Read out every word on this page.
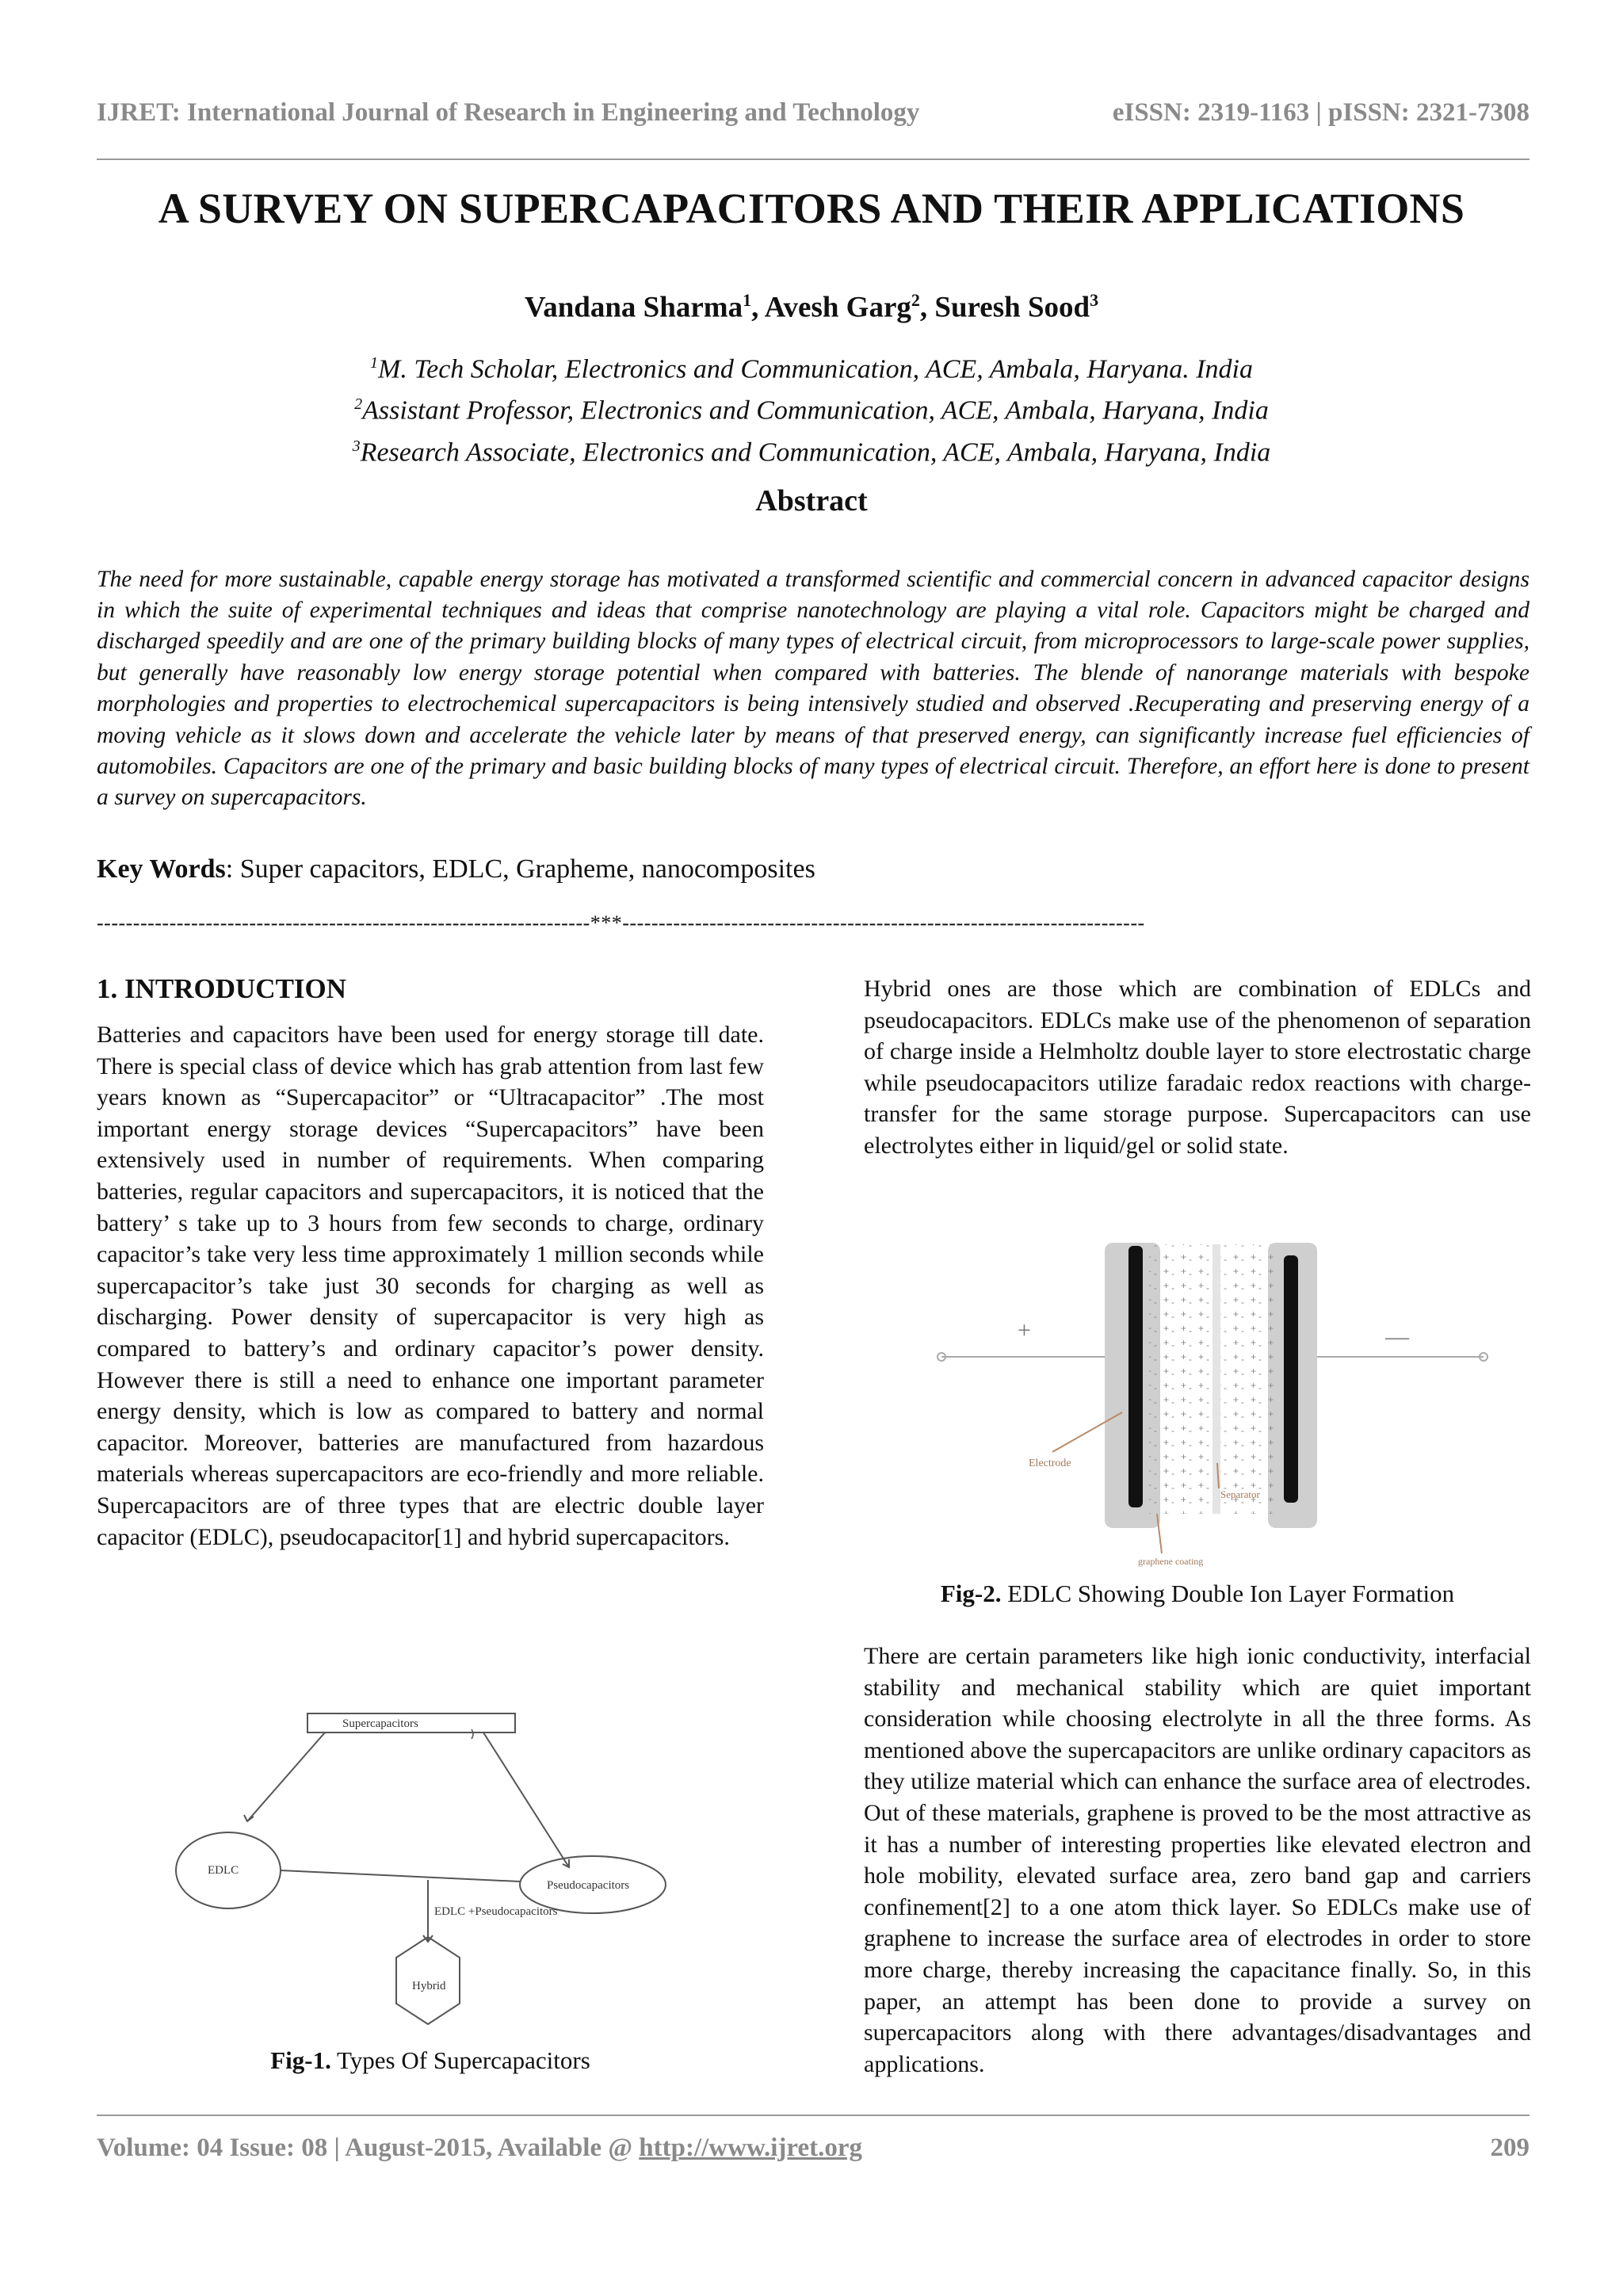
IJRET: International Journal of Research in Engineering and Technology	eISSN: 2319-1163 | pISSN: 2321-7308
A SURVEY ON SUPERCAPACITORS AND THEIR APPLICATIONS
Vandana Sharma$^1$, Avesh Garg$^2$, Suresh Sood$^3$
$^1$M. Tech Scholar, Electronics and Communication, ACE, Ambala, Haryana. India
$^2$Assistant Professor, Electronics and Communication, ACE, Ambala, Haryana, India
$^3$Research Associate, Electronics and Communication, ACE, Ambala, Haryana, India
Abstract

The need for more sustainable, capable energy storage has motivated a transformed scientific and commercial concern in advanced capacitor designs in which the suite of experimental techniques and ideas that comprise nanotechnology are playing a vital role. Capacitors might be charged and discharged speedily and are one of the primary building blocks of many types of electrical circuit, from microprocessors to large-scale power supplies, but generally have reasonably low energy storage potential when compared with batteries. The blende of nanorange materials with bespoke morphologies and properties to electrochemical supercapacitors is being intensively studied and observed .Recuperating and preserving energy of a moving vehicle as it slows down and accelerate the vehicle later by means of that preserved energy, can significantly increase fuel efficiencies of automobiles. Capacitors are one of the primary and basic building blocks of many types of electrical circuit. Therefore, an effort here is done to present a survey on supercapacitors.

Key Words: Super capacitors, EDLC, Grapheme, nanocomposites
--------------------------------------------------------------------***------------------------------------------------------------------------
1. INTRODUCTION

Batteries and capacitors have been used for energy storage till date. There is special class of device which has grab attention from last few years known as “Supercapacitor” or “Ultracapacitor” .The most important energy storage devices “Supercapacitors” have been extensively used in number of requirements. When comparing batteries, regular capacitors and supercapacitors, it is noticed that the battery’ s take up to 3 hours from few seconds to charge, ordinary capacitor’s take very less time approximately 1 million seconds while supercapacitor’s take just 30 seconds for charging as well as discharging. Power density of supercapacitor is very high as compared to battery’s and ordinary capacitor’s power density. However there is still a need to enhance one important parameter energy density, which is low as compared to battery and normal capacitor. Moreover, batteries are manufactured from hazardous materials whereas supercapacitors are eco-friendly and more reliable. Supercapacitors are of three types that are electric double layer capacitor (EDLC), pseudocapacitor[1] and hybrid supercapacitors.

Hybrid ones are those which are combination of EDLCs and pseudocapacitors. EDLCs make use of the phenomenon of separation of charge inside a Helmholtz double layer to store electrostatic charge while pseudocapacitors utilize faradaic redox reactions with charge-transfer for the same storage purpose. Supercapacitors can use electrolytes either in liquid/gel or solid state.

Supercapacitors
EDLC
Pseudocapacitors
EDLC +Pseudocapacitors
Hybrid
Fig-1. Types Of Supercapacitors
+	—
Electrode
Separator
graphene coating
Fig-2. EDLC Showing Double Ion Layer Formation

There are certain parameters like high ionic conductivity, interfacial stability and mechanical stability which are quiet important consideration while choosing electrolyte in all the three forms. As mentioned above the supercapacitors are unlike ordinary capacitors as they utilize material which can enhance the surface area of electrodes. Out of these materials, graphene is proved to be the most attractive as it has a number of interesting properties like elevated electron and hole mobility, elevated surface area, zero band gap and carriers confinement[2] to a one atom thick layer. So EDLCs make use of graphene to increase the surface area of electrodes in order to store more charge, thereby increasing the capacitance finally. So, in this paper, an attempt has been done to provide a survey on supercapacitors along with there advantages/disadvantages and applications.

Volume: 04 Issue: 08 | August-2015, Available @ http://www.ijret.org	209
